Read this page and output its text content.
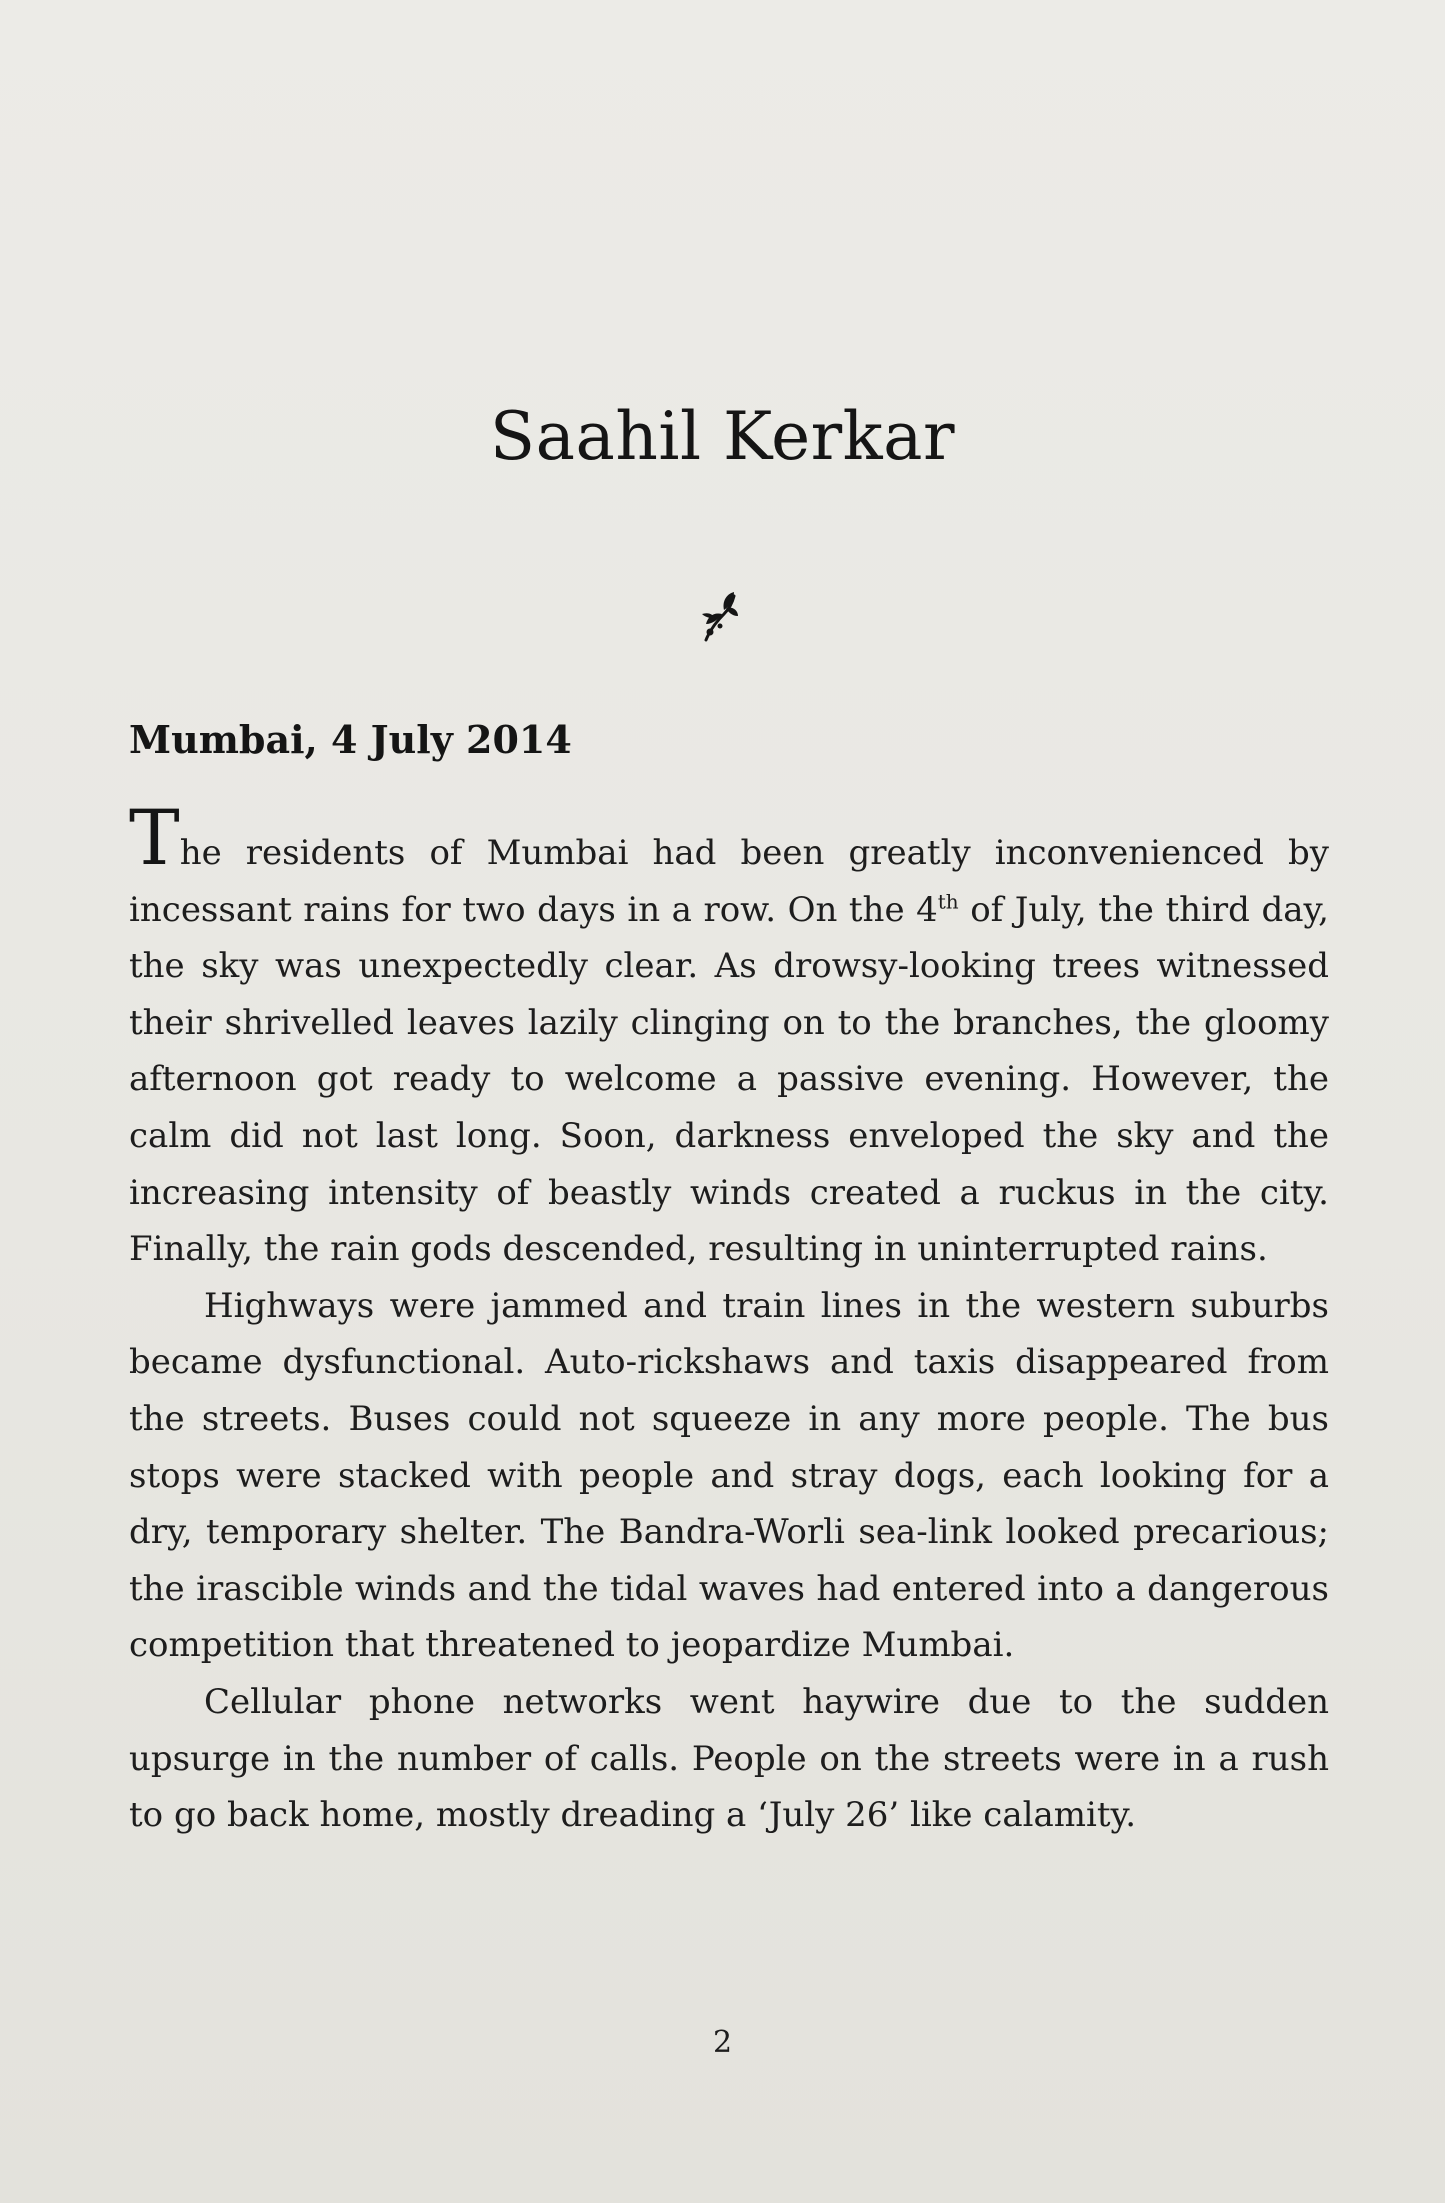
Saahil Kerkar
Mumbai, 4 July 2014

The residents of Mumbai had been greatly inconvenienced by incessant rains for two days in a row. On the 4th of July, the third day, the sky was unexpectedly clear. As drowsy-looking trees witnessed their shrivelled leaves lazily clinging on to the branches, the gloomy afternoon got ready to welcome a passive evening. However, the calm did not last long. Soon, darkness enveloped the sky and the increasing intensity of beastly winds created a ruckus in the city. Finally, the rain gods descended, resulting in uninterrupted rains.

Highways were jammed and train lines in the western suburbs became dysfunctional. Auto-rickshaws and taxis disappeared from the streets. Buses could not squeeze in any more people. The bus stops were stacked with people and stray dogs, each looking for a dry, temporary shelter. The Bandra-Worli sea-link looked precarious; the irascible winds and the tidal waves had entered into a dangerous competition that threatened to jeopardize Mumbai.

Cellular phone networks went haywire due to the sudden upsurge in the number of calls. People on the streets were in a rush to go back home, mostly dreading a ‘July 26’ like calamity.

2
